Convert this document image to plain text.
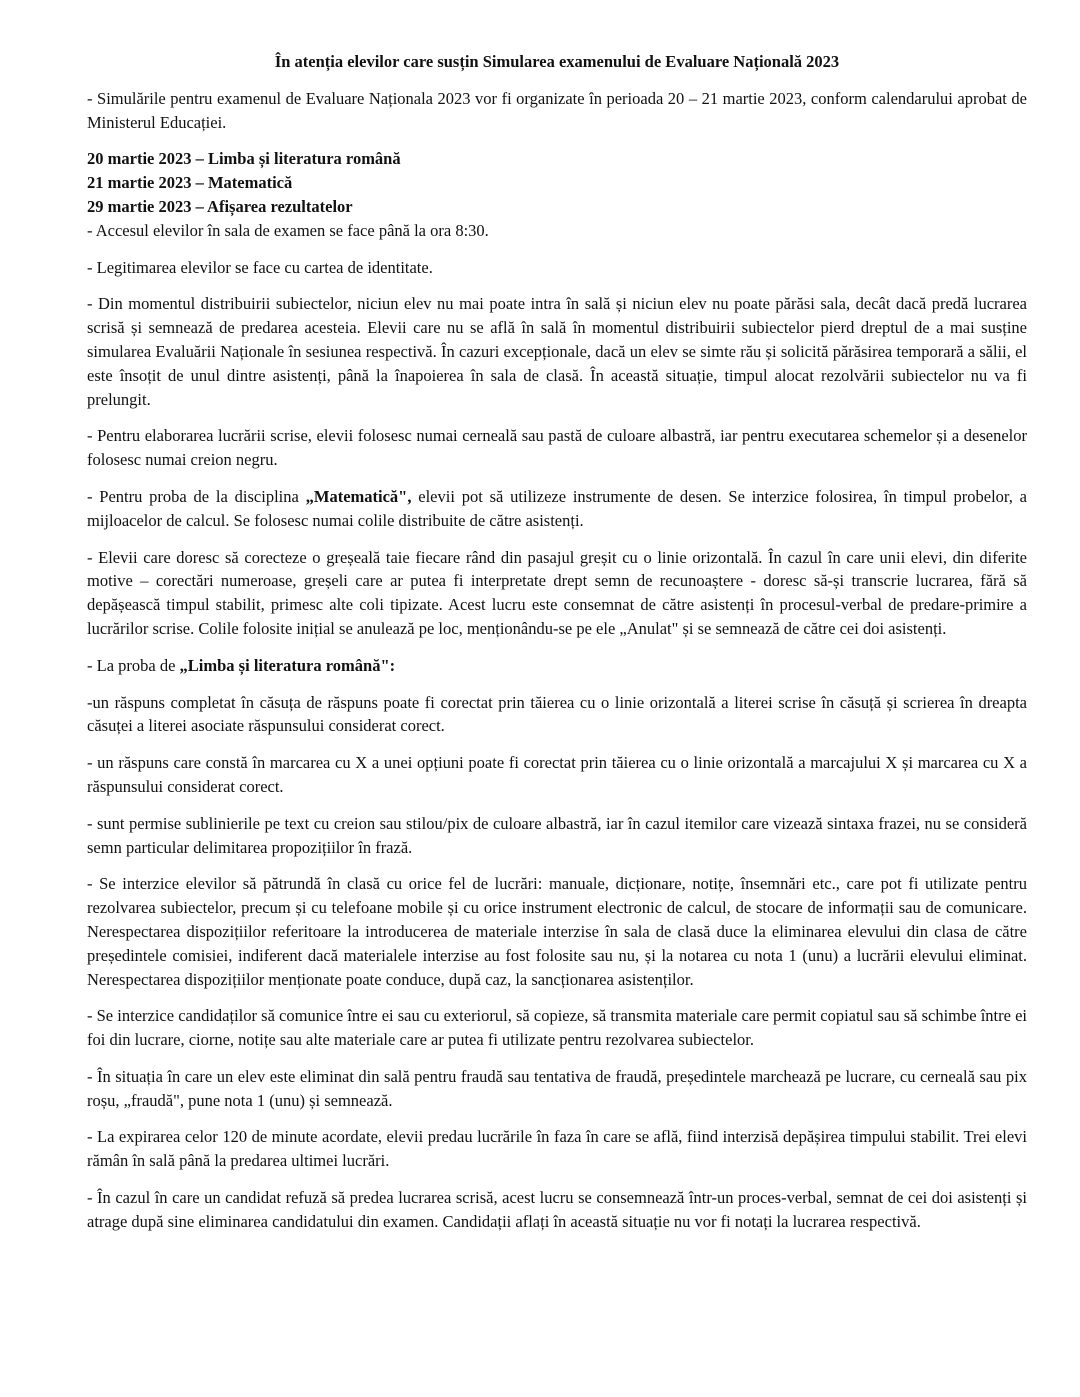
În atenția elevilor care susțin Simularea examenului de Evaluare Națională 2023

- Simulările pentru examenul de Evaluare Naționala 2023 vor fi organizate în perioada 20 – 21 martie 2023, conform calendarului aprobat de Ministerul Educației.

20 martie 2023 – Limba și literatura română
21 martie 2023 – Matematică
29 martie 2023 – Afișarea rezultatelor

- Accesul elevilor în sala de examen se face până la ora 8:30.

- Legitimarea elevilor se face cu cartea de identitate.

- Din momentul distribuirii subiectelor, niciun elev nu mai poate intra în sală și niciun elev nu poate părăsi sala, decât dacă predă lucrarea scrisă și semnează de predarea acesteia. Elevii care nu se află în sală în momentul distribuirii subiectelor pierd dreptul de a mai susține simularea Evaluării Naționale în sesiunea respectivă. În cazuri excepționale, dacă un elev se simte rău și solicită părăsirea temporară a sălii, el este însoțit de unul dintre asistenți, până la înapoierea în sala de clasă. În această situație, timpul alocat rezolvării subiectelor nu va fi prelungit.

- Pentru elaborarea lucrării scrise, elevii folosesc numai cerneală sau pastă de culoare albastră, iar pentru executarea schemelor și a desenelor folosesc numai creion negru.

- Pentru proba de la disciplina „Matematică", elevii pot să utilizeze instrumente de desen. Se interzice folosirea, în timpul probelor, a mijloacelor de calcul. Se folosesc numai colile distribuite de către asistenți.

- Elevii care doresc să corecteze o greșeală taie fiecare rând din pasajul greșit cu o linie orizontală. În cazul în care unii elevi, din diferite motive – corectări numeroase, greșeli care ar putea fi interpretate drept semn de recunoaștere - doresc să-și transcrie lucrarea, fără să depășească timpul stabilit, primesc alte coli tipizate. Acest lucru este consemnat de către asistenți în procesul-verbal de predare-primire a lucrărilor scrise. Colile folosite inițial se anulează pe loc, menționându-se pe ele „Anulat" și se semnează de către cei doi asistenți.

- La proba de „Limba și literatura română":

-un răspuns completat în căsuța de răspuns poate fi corectat prin tăierea cu o linie orizontală a literei scrise în căsuță și scrierea în dreapta căsuței a literei asociate răspunsului considerat corect.

- un răspuns care constă în marcarea cu X a unei opțiuni poate fi corectat prin tăierea cu o linie orizontală a marcajului X și marcarea cu X a răspunsului considerat corect.

- sunt permise sublinierile pe text cu creion sau stilou/pix de culoare albastră, iar în cazul itemilor care vizează sintaxa frazei, nu se consideră semn particular delimitarea propozițiilor în frază.

- Se interzice elevilor să pătrundă în clasă cu orice fel de lucrări: manuale, dicționare, notițe, însemnări etc., care pot fi utilizate pentru rezolvarea subiectelor, precum și cu telefoane mobile și cu orice instrument electronic de calcul, de stocare de informații sau de comunicare. Nerespectarea dispozițiilor referitoare la introducerea de materiale interzise în sala de clasă duce la eliminarea elevului din clasa de către președintele comisiei, indiferent dacă materialele interzise au fost folosite sau nu, și la notarea cu nota 1 (unu) a lucrării elevului eliminat. Nerespectarea dispozițiilor menționate poate conduce, după caz, la sancționarea asistenților.

- Se interzice candidaților să comunice între ei sau cu exteriorul, să copieze, să transmita materiale care permit copiatul sau să schimbe între ei foi din lucrare, ciorne, notițe sau alte materiale care ar putea fi utilizate pentru rezolvarea subiectelor.

- În situația în care un elev este eliminat din sală pentru fraudă sau tentativa de fraudă, președintele marchează pe lucrare, cu cerneală sau pix roșu, „fraudă", pune nota 1 (unu) și semnează.

- La expirarea celor 120 de minute acordate, elevii predau lucrările în faza în care se află, fiind interzisă depășirea timpului stabilit. Trei elevi rămân în sală până la predarea ultimei lucrări.

- În cazul în care un candidat refuză să predea lucrarea scrisă, acest lucru se consemnează într-un proces-verbal, semnat de cei doi asistenți și atrage după sine eliminarea candidatului din examen. Candidații aflați în această situație nu vor fi notați la lucrarea respectivă.
